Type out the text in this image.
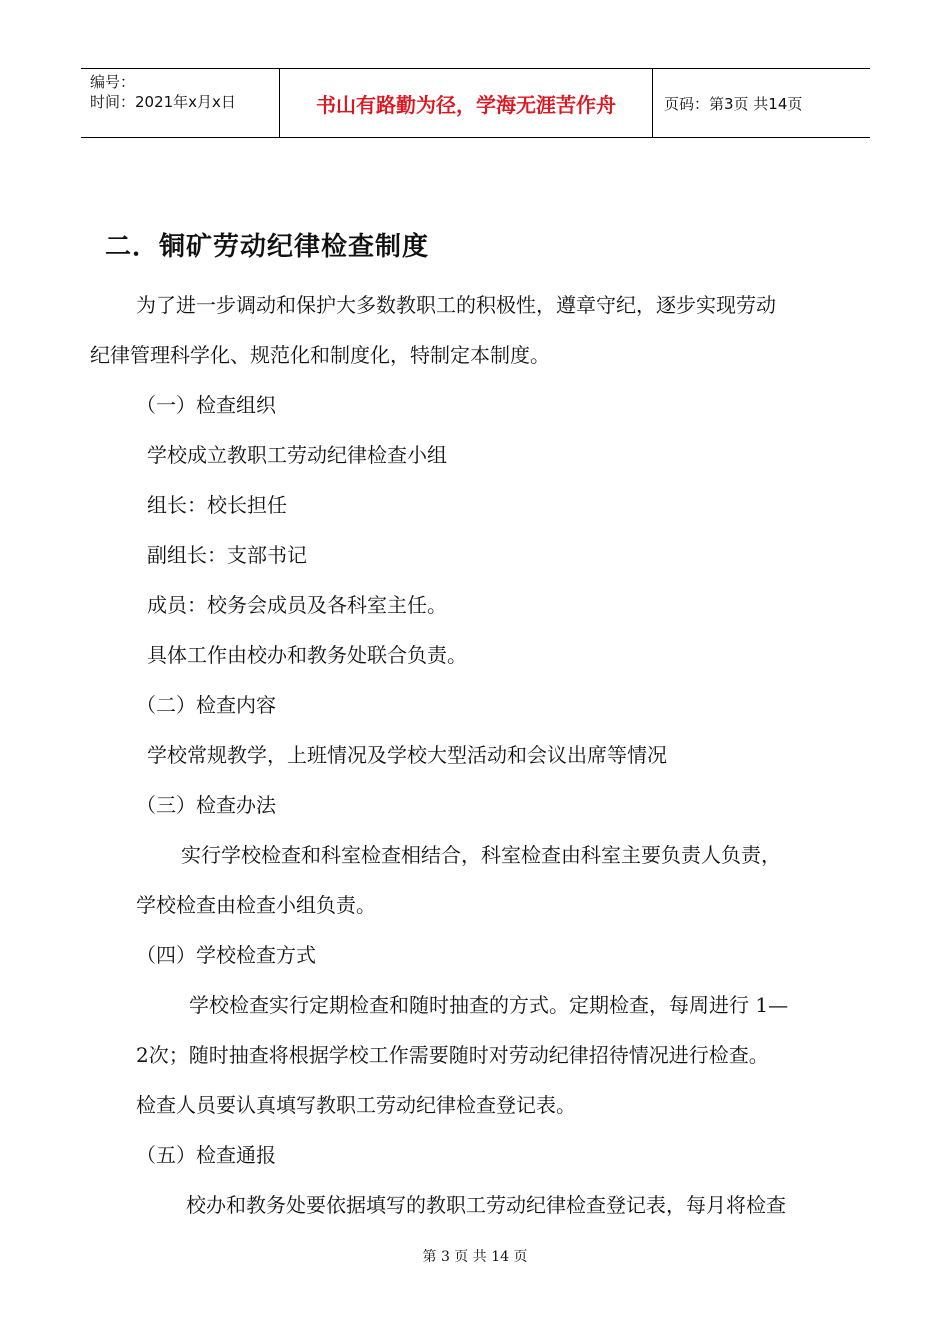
编号：
时间：2021年x月x日	书山有路勤为径，学海无涯苦作舟	页码：第3页 共14页
二．铜矿劳动纪律检查制度
为了进一步调动和保护大多数教职工的积极性，遵章守纪，逐步实现劳动
纪律管理科学化、规范化和制度化，特制定本制度。
（一）检查组织
学校成立教职工劳动纪律检查小组
组长：校长担任
副组长：支部书记
成员：校务会成员及各科室主任。
具体工作由校办和教务处联合负责。
（二）检查内容
学校常规教学，上班情况及学校大型活动和会议出席等情况
（三）检查办法
实行学校检查和科室检查相结合，科室检查由科室主要负责人负责，
学校检查由检查小组负责。
（四）学校检查方式
学校检查实行定期检查和随时抽查的方式。定期检查，每周进行 1—
2次；随时抽查将根据学校工作需要随时对劳动纪律招待情况进行检查。
检查人员要认真填写教职工劳动纪律检查登记表。
（五）检查通报
校办和教务处要依据填写的教职工劳动纪律检查登记表，每月将检查
第 3 页 共 14 页
